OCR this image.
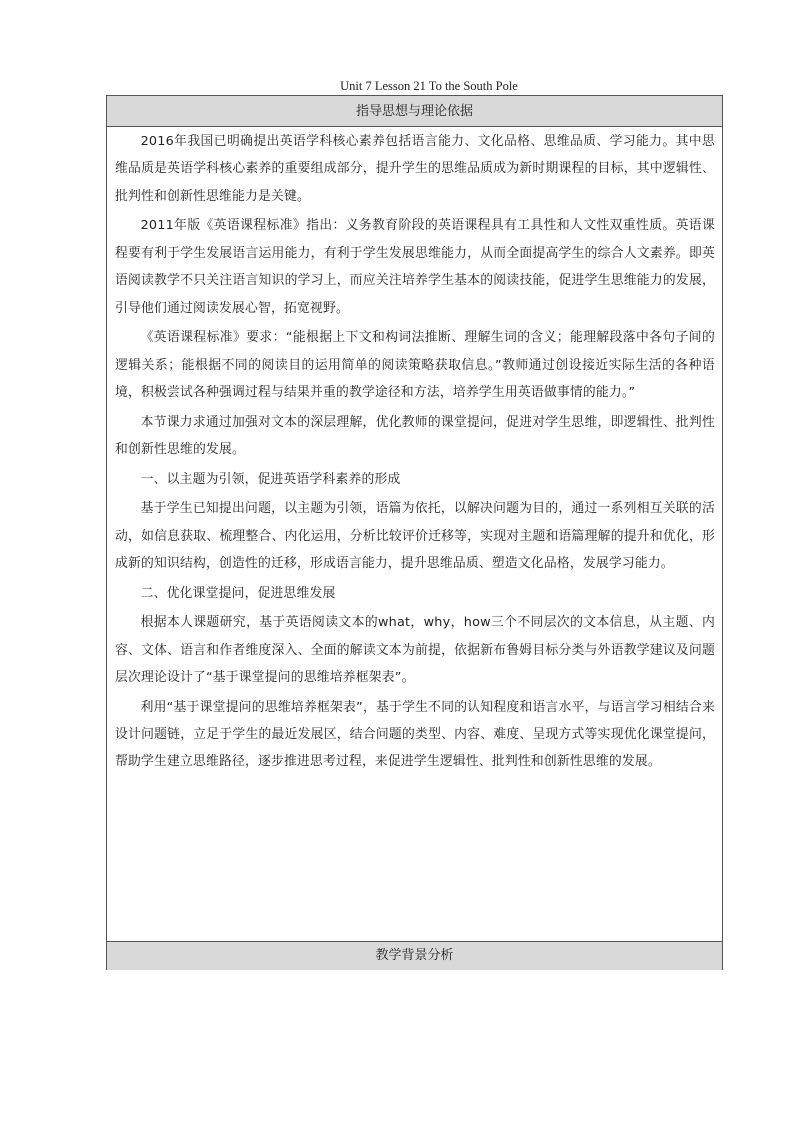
Unit 7 Lesson 21 To the South Pole
指导思想与理论依据

2016年我国已明确提出英语学科核心素养包括语言能力、文化品格、思维品质、学习能力。其中思维品质是英语学科核心素养的重要组成部分，提升学生的思维品质成为新时期课程的目标，其中逻辑性、批判性和创新性思维能力是关键。

2011年版《英语课程标准》指出：义务教育阶段的英语课程具有工具性和人文性双重性质。英语课程要有利于学生发展语言运用能力，有利于学生发展思维能力，从而全面提高学生的综合人文素养。即英语阅读教学不只关注语言知识的学习上，而应关注培养学生基本的阅读技能，促进学生思维能力的发展，引导他们通过阅读发展心智，拓宽视野。

《英语课程标准》要求：“能根据上下文和构词法推断、理解生词的含义；能理解段落中各句子间的逻辑关系；能根据不同的阅读目的运用简单的阅读策略获取信息。”教师通过创设接近实际生活的各种语境，积极尝试各种强调过程与结果并重的教学途径和方法，培养学生用英语做事情的能力。”

本节课力求通过加强对文本的深层理解，优化教师的课堂提问，促进对学生思维，即逻辑性、批判性和创新性思维的发展。

一、以主题为引领，促进英语学科素养的形成

基于学生已知提出问题，以主题为引领，语篇为依托，以解决问题为目的，通过一系列相互关联的活动，如信息获取、梳理整合、内化运用，分析比较评价迁移等，实现对主题和语篇理解的提升和优化，形成新的知识结构，创造性的迁移，形成语言能力，提升思维品质、塑造文化品格，发展学习能力。

二、优化课堂提问，促进思维发展

根据本人课题研究，基于英语阅读文本的what，why，how三个不同层次的文本信息，从主题、内容、文体、语言和作者维度深入、全面的解读文本为前提，依据新布鲁姆目标分类与外语教学建议及问题层次理论设计了“基于课堂提问的思维培养框架表”。

利用“基于课堂提问的思维培养框架表”，基于学生不同的认知程度和语言水平，与语言学习相结合来设计问题链，立足于学生的最近发展区，结合问题的类型、内容、难度、呈现方式等实现优化课堂提问，帮助学生建立思维路径，逐步推进思考过程，来促进学生逻辑性、批判性和创新性思维的发展。

教学背景分析
